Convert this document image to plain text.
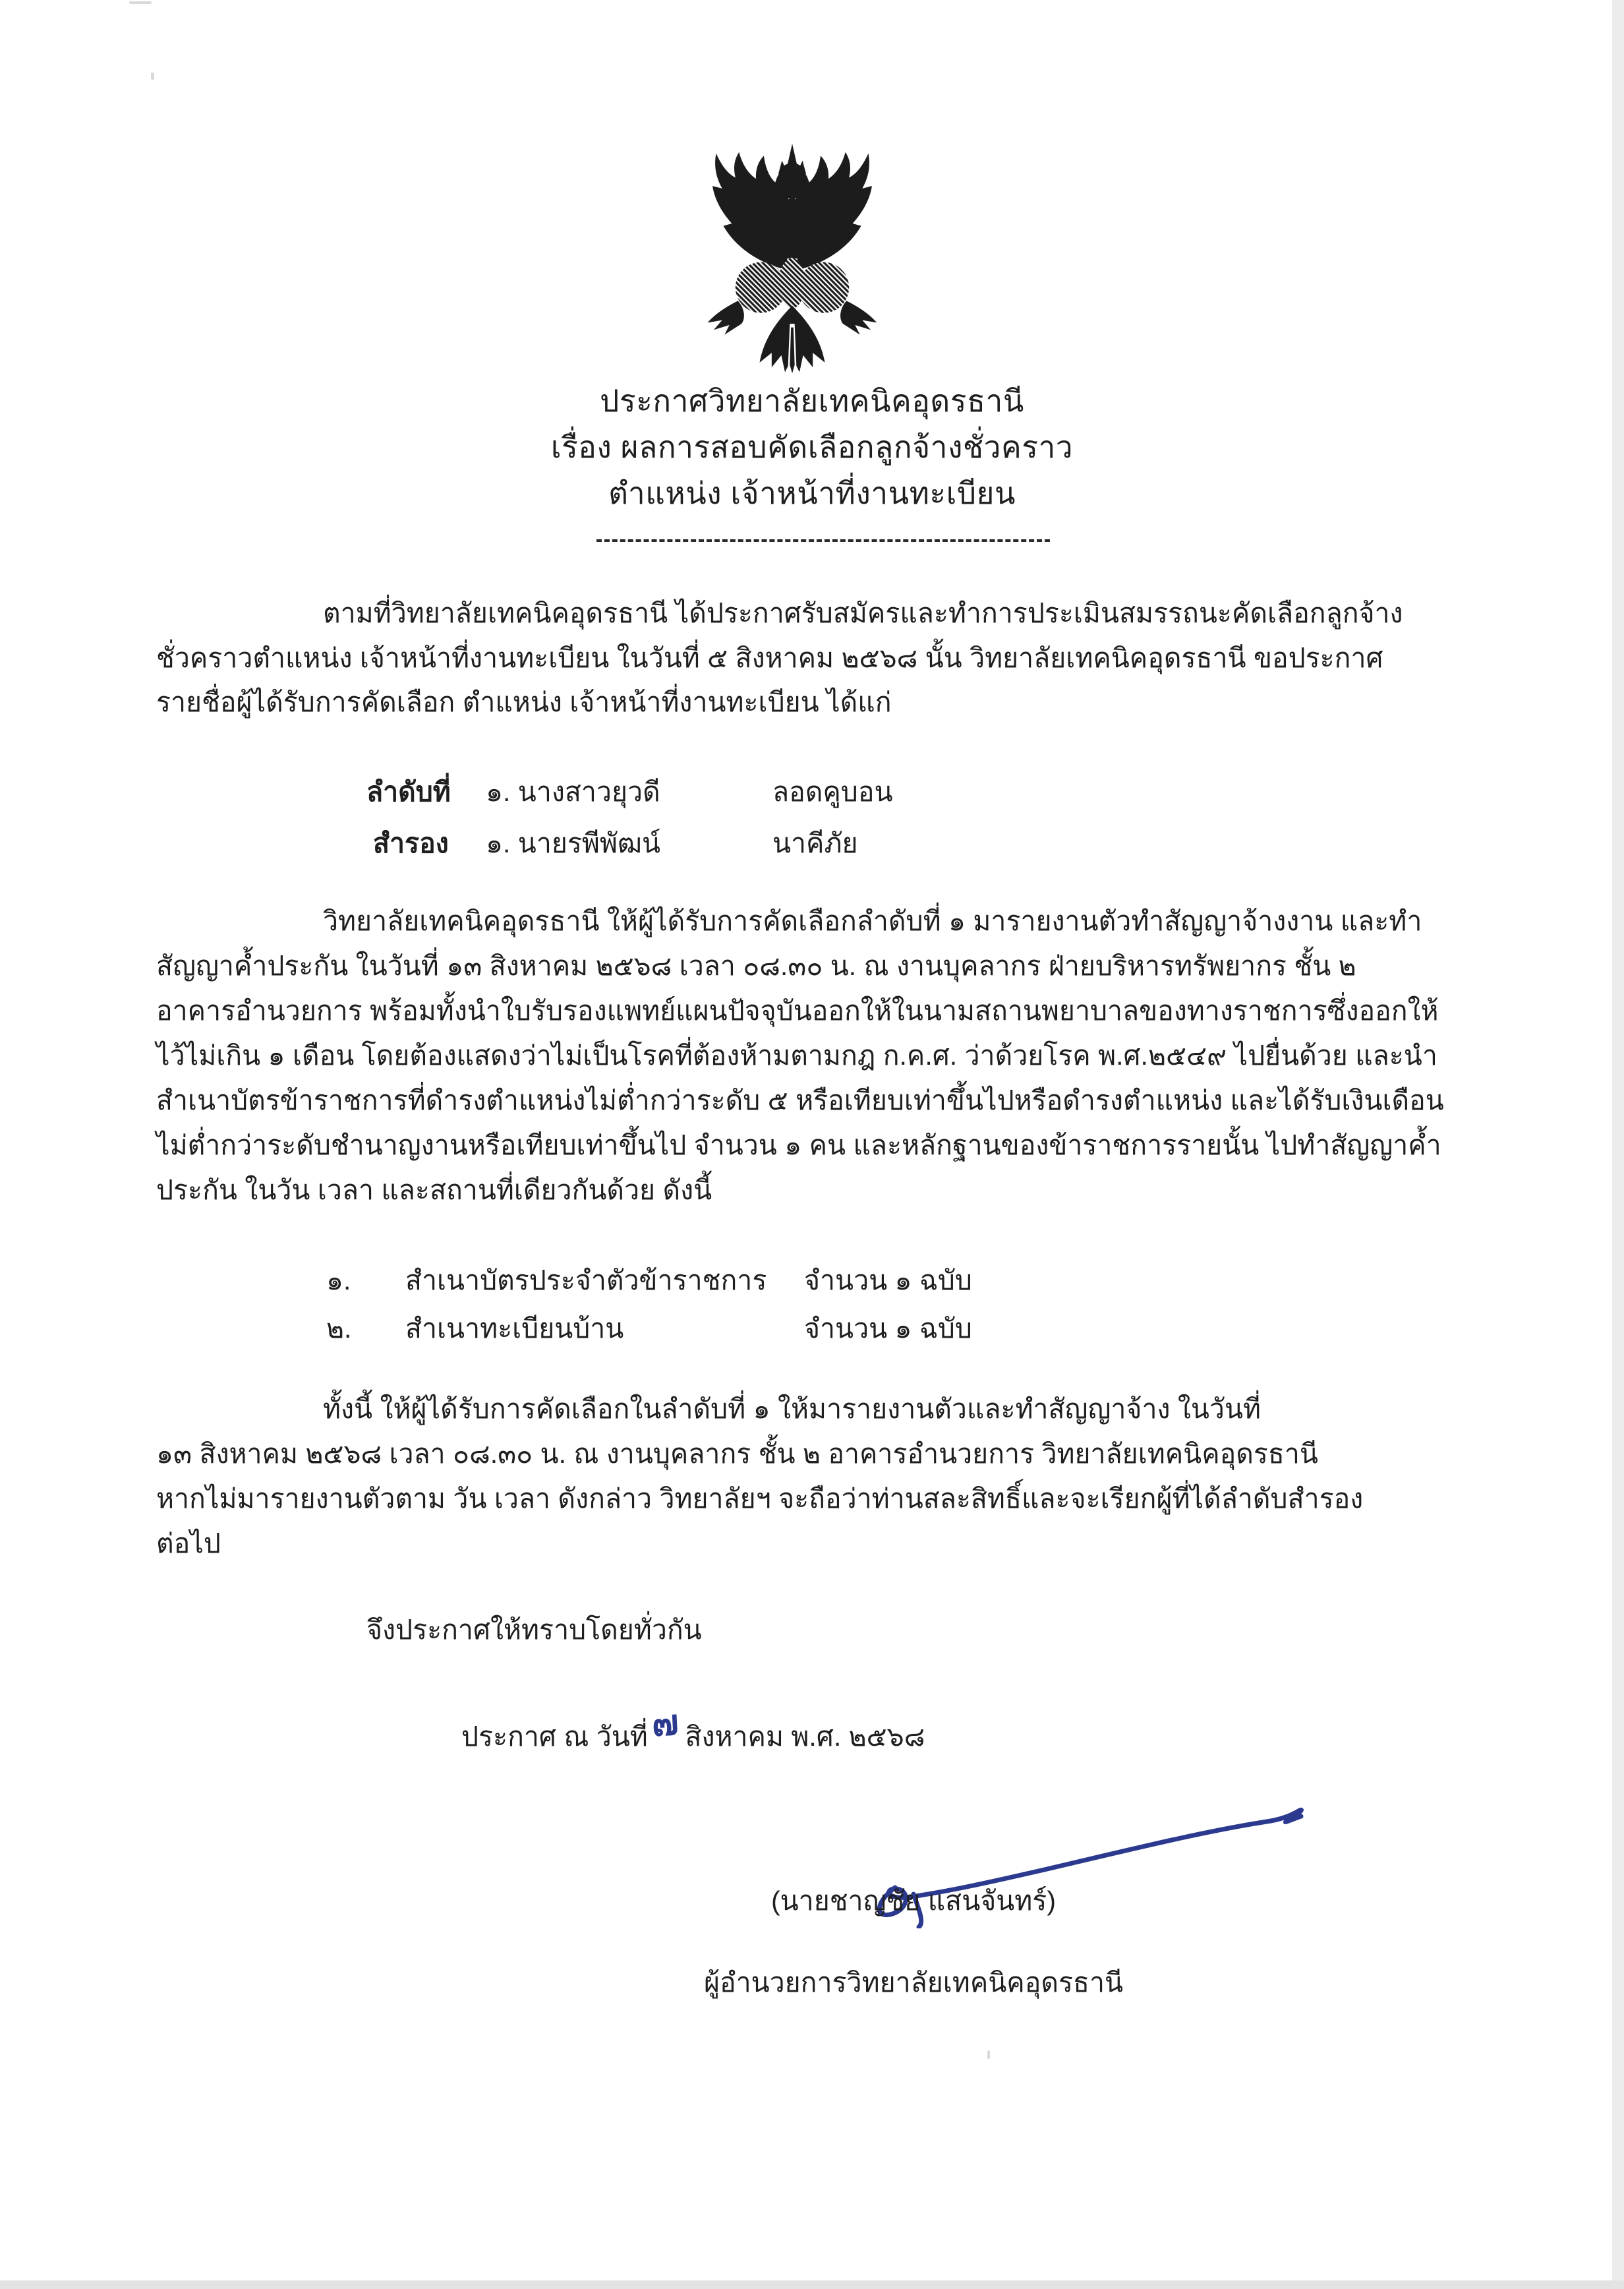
ประกาศวิทยาลัยเทคนิคอุดรธานี
เรื่อง ผลการสอบคัดเลือกลูกจ้างชั่วคราว
ตำแหน่ง เจ้าหน้าที่งานทะเบียน
ตามที่วิทยาลัยเทคนิคอุดรธานี ได้ประกาศรับสมัครและทำการประเมินสมรรถนะคัดเลือกลูกจ้าง
ชั่วคราวตำแหน่ง เจ้าหน้าที่งานทะเบียน ในวันที่ ๕ สิงหาคม ๒๕๖๘ นั้น วิทยาลัยเทคนิคอุดรธานี ขอประกาศ
รายชื่อผู้ได้รับการคัดเลือก ตำแหน่ง เจ้าหน้าที่งานทะเบียน ได้แก่
ลำดับที่ ๑. นางสาวยุวดี	ลอดคูบอน
สำรอง ๑. นายรพีพัฒน์	นาคีภัย
วิทยาลัยเทคนิคอุดรธานี ให้ผู้ได้รับการคัดเลือกลำดับที่ ๑ มารายงานตัวทำสัญญาจ้างงาน และทำ
สัญญาค้ำประกัน ในวันที่ ๑๓ สิงหาคม ๒๕๖๘ เวลา ๐๘.๓๐ น. ณ งานบุคลากร ฝ่ายบริหารทรัพยากร ชั้น ๒
อาคารอำนวยการ พร้อมทั้งนำใบรับรองแพทย์แผนปัจจุบันออกให้ในนามสถานพยาบาลของทางราชการซึ่งออกให้
ไว้ไม่เกิน ๑ เดือน โดยต้องแสดงว่าไม่เป็นโรคที่ต้องห้ามตามกฎ ก.ค.ศ. ว่าด้วยโรค พ.ศ.๒๕๔๙ ไปยื่นด้วย และนำ
สำเนาบัตรข้าราชการที่ดำรงตำแหน่งไม่ต่ำกว่าระดับ ๕ หรือเทียบเท่าขึ้นไปหรือดำรงตำแหน่ง และได้รับเงินเดือน
ไม่ต่ำกว่าระดับชำนาญงานหรือเทียบเท่าขึ้นไป จำนวน ๑ คน และหลักฐานของข้าราชการรายนั้น ไปทำสัญญาค้ำ
ประกัน ในวัน เวลา และสถานที่เดียวกันด้วย ดังนี้
๑. สำเนาบัตรประจำตัวข้าราชการ จำนวน ๑ ฉบับ
๒. สำเนาทะเบียนบ้าน	จำนวน ๑ ฉบับ
ทั้งนี้ ให้ผู้ได้รับการคัดเลือกในลำดับที่ ๑ ให้มารายงานตัวและทำสัญญาจ้าง ในวันที่
๑๓ สิงหาคม ๒๕๖๘ เวลา ๐๘.๓๐ น. ณ งานบุคลากร ชั้น ๒ อาคารอำนวยการ วิทยาลัยเทคนิคอุดรธานี
หากไม่มารายงานตัวตาม วัน เวลา ดังกล่าว วิทยาลัยฯ จะถือว่าท่านสละสิทธิ์และจะเรียกผู้ที่ได้ลำดับสำรอง
ต่อไป
จึงประกาศให้ทราบโดยทั่วกัน
ประกาศ ณ วันที่๗ สิงหาคม พ.ศ. ๒๕๖๘
(นายชาญชัย แสนจันทร์)
ผู้อำนวยการวิทยาลัยเทคนิคอุดรธานี
